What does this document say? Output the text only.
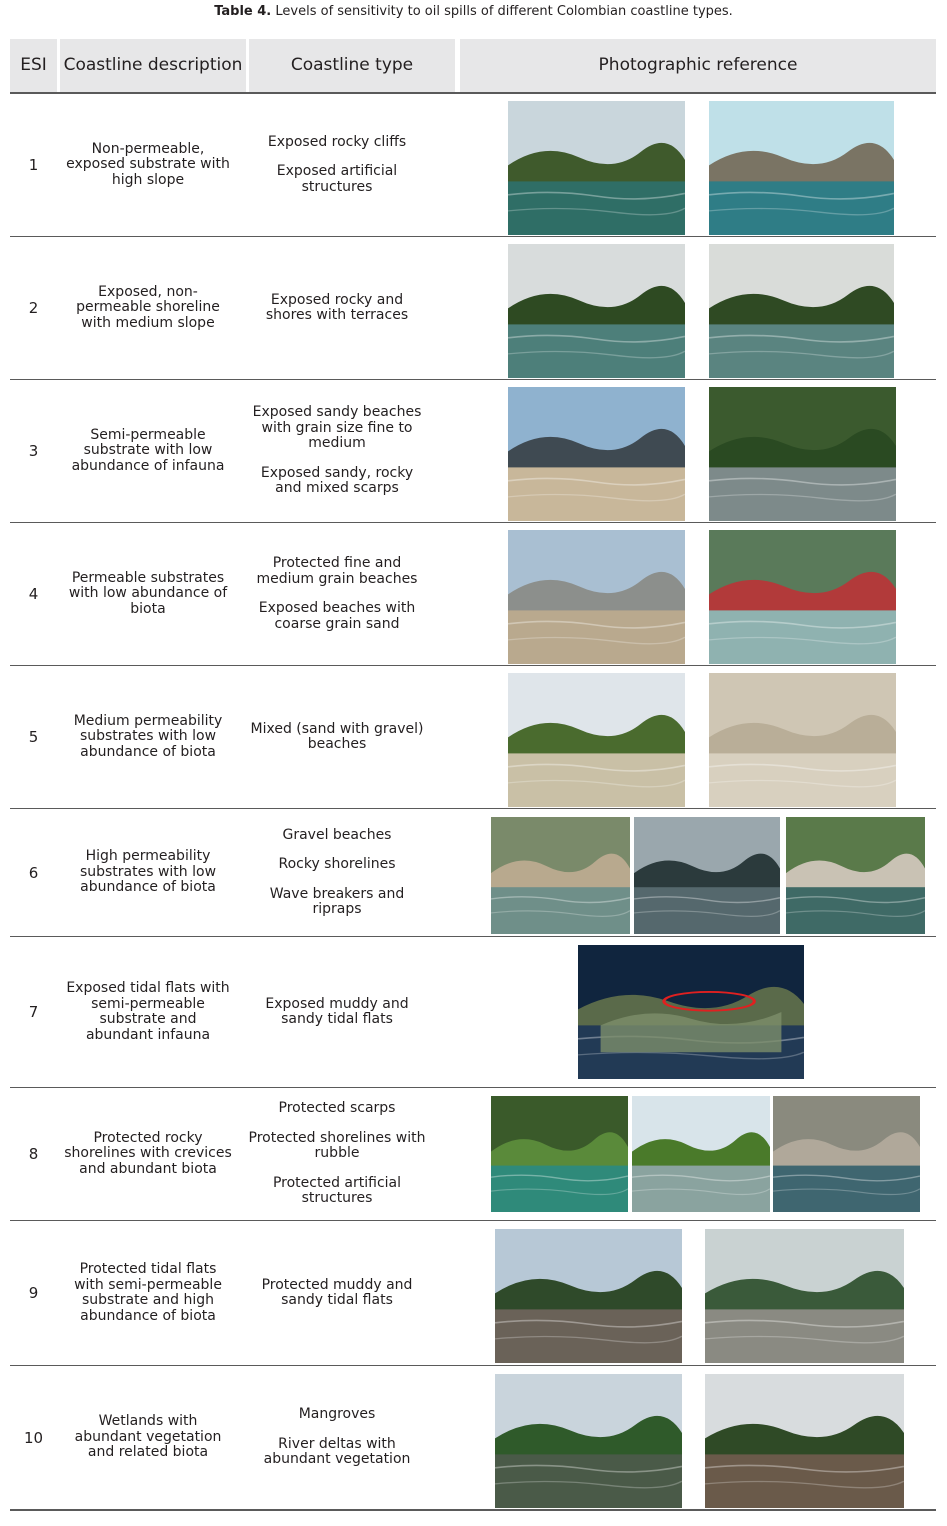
Table 4. Levels of sensitivity to oil spills of different Colombian coastline types.
ESI Coastline description	Coastline type	Photographic reference
1
Non-permeable, exposed substrate with high slope
Exposed rocky cliffs
Exposed artificial structures
2
Exposed, non-permeable shoreline with medium slope
Exposed rocky and shores with terraces
3
Semi-permeable substrate with low abundance of infauna
Exposed sandy beaches with grain size fine to medium
Exposed sandy, rocky and mixed scarps
4
Permeable substrates with low abundance of biota
Protected fine and medium grain beaches
Exposed beaches with coarse grain sand
5
Medium permeability substrates with low abundance of biota
Mixed (sand with gravel) beaches
6
High permeability substrates with low abundance of biota
Gravel beaches
Rocky shorelines
Wave breakers and ripraps
7
Exposed tidal flats with semi-permeable substrate and abundant infauna
Exposed muddy and sandy tidal flats
8
Protected rocky shorelines with crevices and abundant biota
Protected scarps
Protected shorelines with rubble
Protected artificial structures
9
Protected tidal flats with semi-permeable substrate and high abundance of biota
Protected muddy and sandy tidal flats
10
Wetlands with abundant vegetation and related biota
Mangroves
River deltas with abundant vegetation
